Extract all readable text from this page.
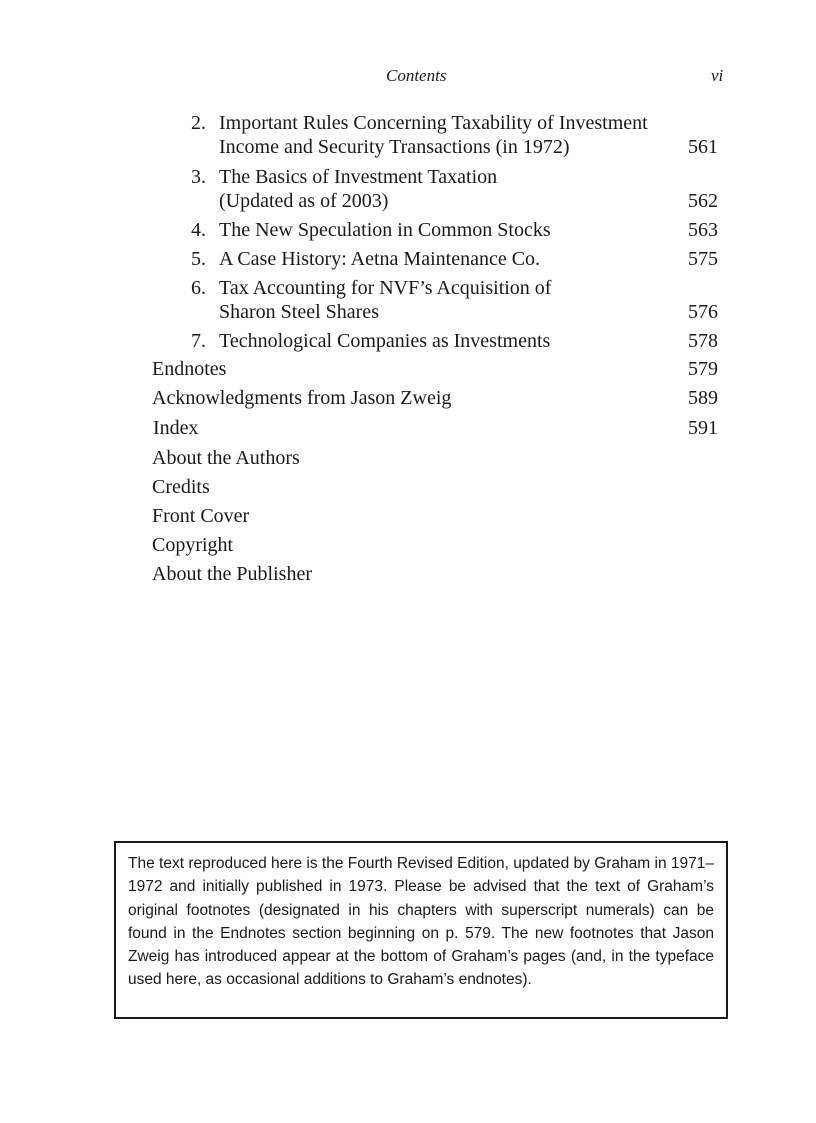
Contents	vi
2. Important Rules Concerning Taxability of Investment
Income and Security Transactions (in 1972)	561
3. The Basics of Investment Taxation
(Updated as of 2003)	562
4. The New Speculation in Common Stocks	563
5. A Case History: Aetna Maintenance Co.	575
6. Tax Accounting for NVF’s Acquisition of
Sharon Steel Shares	576
7. Technological Companies as Investments	578
Endnotes	579
Acknowledgments from Jason Zweig	589
Index	591
About the Authors
Credits
Front Cover
Copyright
About the Publisher
The text reproduced here is the Fourth Revised Edition, updated by Graham in 1971–1972 and initially published in 1973. Please be advised that the text of Graham’s original footnotes (designated in his chapters with superscript numerals) can be found in the Endnotes section beginning on p. 579. The new footnotes that Jason Zweig has introduced appear at the bottom of Graham’s pages (and, in the typeface used here, as occasional additions to Graham’s endnotes).
